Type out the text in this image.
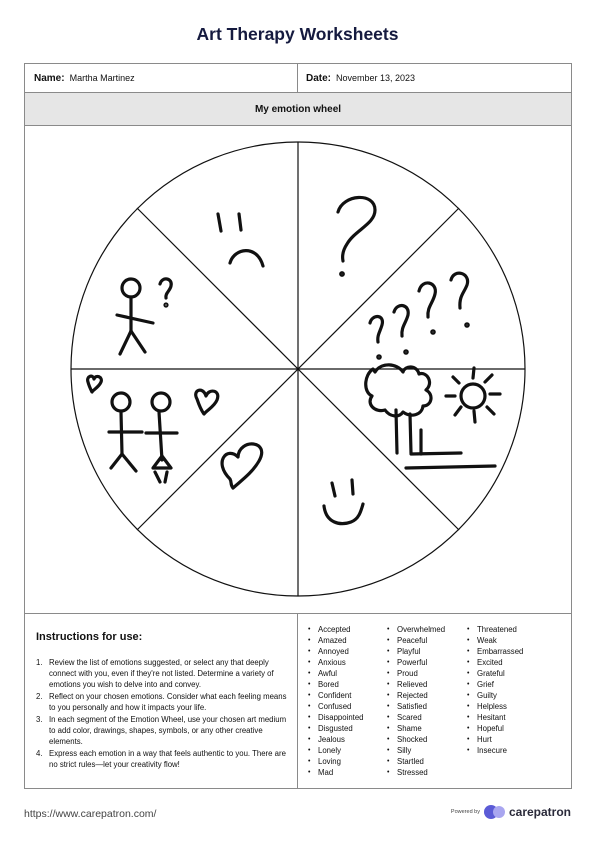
Art Therapy Worksheets
Name: Martha Martinez	Date: November 13, 2023
My emotion wheel
Instructions for use:
Review the list of emotions suggested, or select any that deeply connect with you, even if they're not listed. Determine a variety of emotions you wish to delve into and convey.
Reflect on your chosen emotions. Consider what each feeling means to you personally and how it impacts your life.
In each segment of the Emotion Wheel, use your chosen art medium to add color, drawings, shapes, symbols, or any other creative elements.
Express each emotion in a way that feels authentic to you. There are no strict rules—let your creativity flow!
• Accepted
• Amazed
• Annoyed
• Anxious
• Awful
• Bored
• Confident
• Confused
• Disappointed
• Disgusted
• Jealous
• Lonely
• Loving
• Mad
• Overwhelmed
• Peaceful
• Playful
• Powerful
• Proud
• Relieved
• Rejected
• Satisfied
• Scared
• Shame
• Shocked
• Silly
• Startled
• Stressed
• Threatened
• Weak
• Embarrassed
• Excited
• Grateful
• Grief
• Guilty
• Helpless
• Hesitant
• Hopeful
• Hurt
• Insecure
https://www.carepatron.com/	Powered by carepatron
